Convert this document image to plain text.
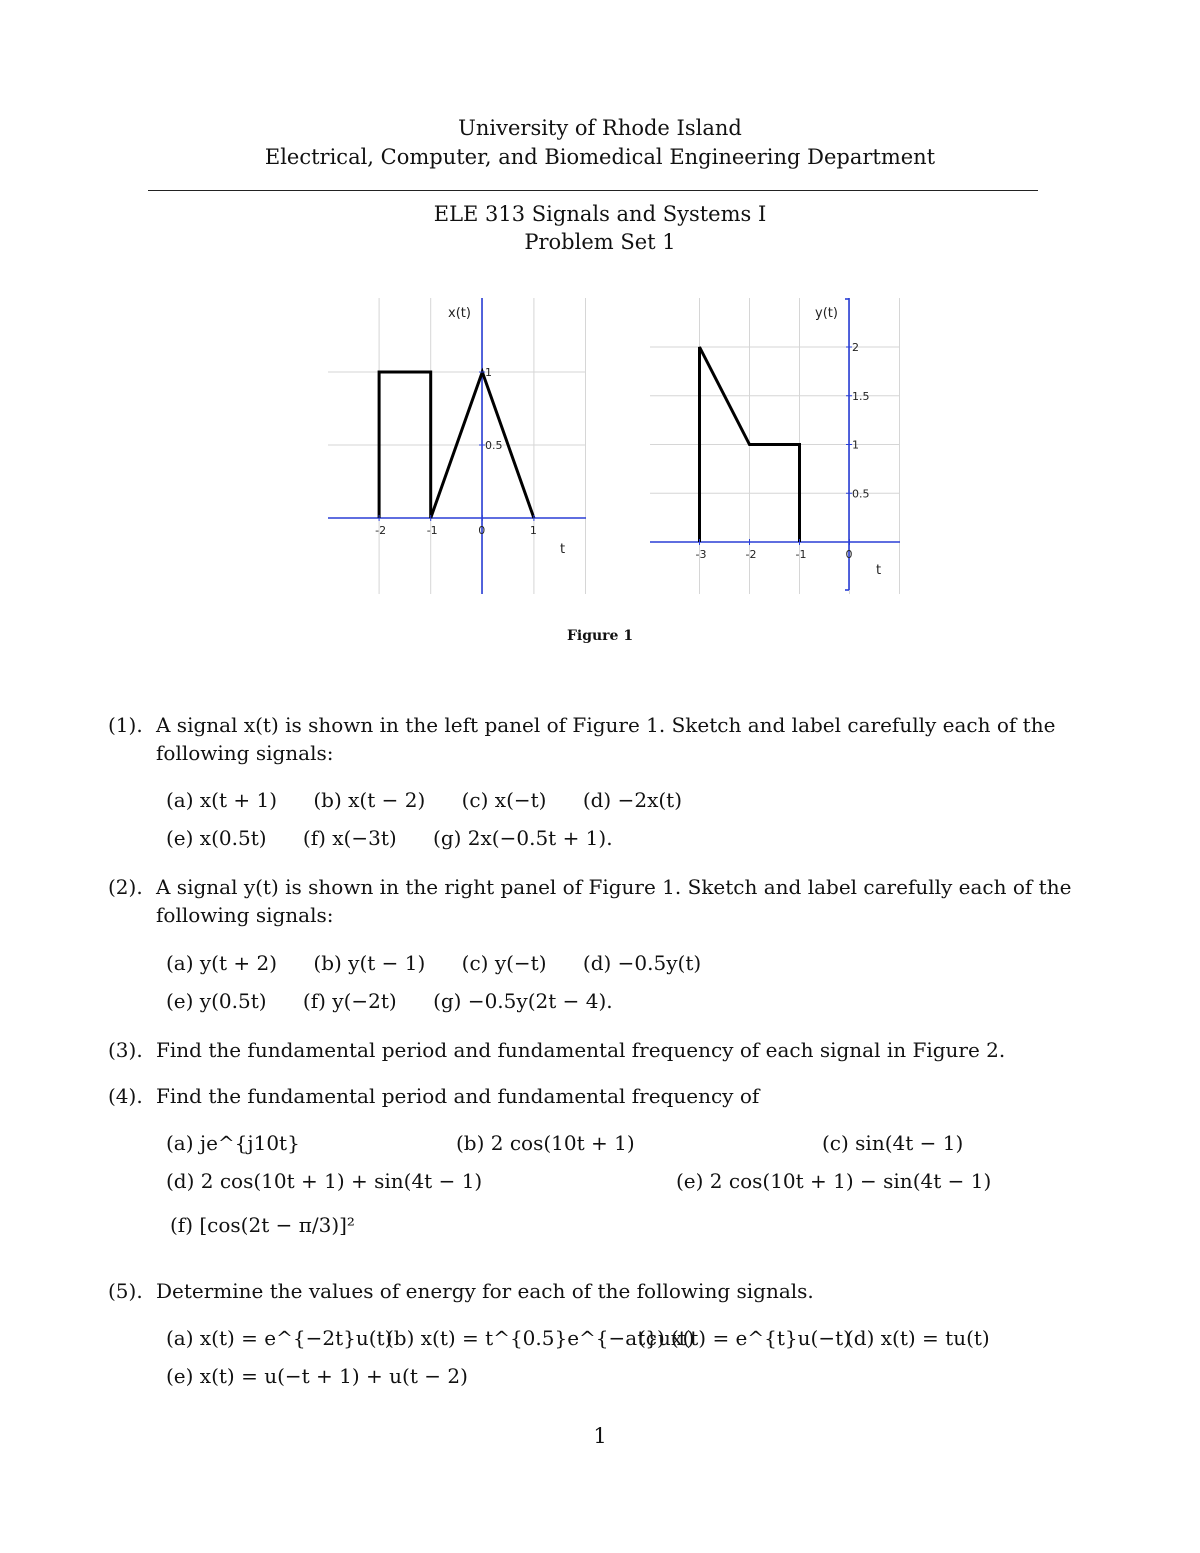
University of Rhode Island
Electrical, Computer, and Biomedical Engineering Department
ELE 313 Signals and Systems I
Problem Set 1
-2	-1	0	1
0.5
1
x(t)
t	-3	-2	-1	0
0.5
1
1.5
2
y(t)
t
Figure 1
(1). A signal x(t) is shown in the left panel of Figure 1. Sketch and label carefully each of the following signals:
(a) x(t + 1) (b) x(t − 2) (c) x(−t) (d) −2x(t)
(e) x(0.5t) (f) x(−3t) (g) 2x(−0.5t + 1).
(2). A signal y(t) is shown in the right panel of Figure 1. Sketch and label carefully each of the following signals:
(a) y(t + 2) (b) y(t − 1) (c) y(−t) (d) −0.5y(t)
(e) y(0.5t) (f) y(−2t) (g) −0.5y(2t − 4).
(3). Find the fundamental period and fundamental frequency of each signal in Figure 2.
(4). Find the fundamental period and fundamental frequency of
(a) je^{j10t}	(b) 2 cos(10t + 1)	(c) sin(4t − 1)
(d) 2 cos(10t + 1) + sin(4t − 1)	(e) 2 cos(10t + 1) − sin(4t − 1)
(f) [cos(2t − π/3)]²
(5). Determine the values of energy for each of the following signals.
(a) x(t) = e^{−2t}u(t)
(b) x(t) = t^{0.5}e^{−at}u(t)
(c) x(t) = e^{t}u(−t)
(d) x(t) = tu(t)
(e) x(t) = u(−t + 1) + u(t − 2)
1
